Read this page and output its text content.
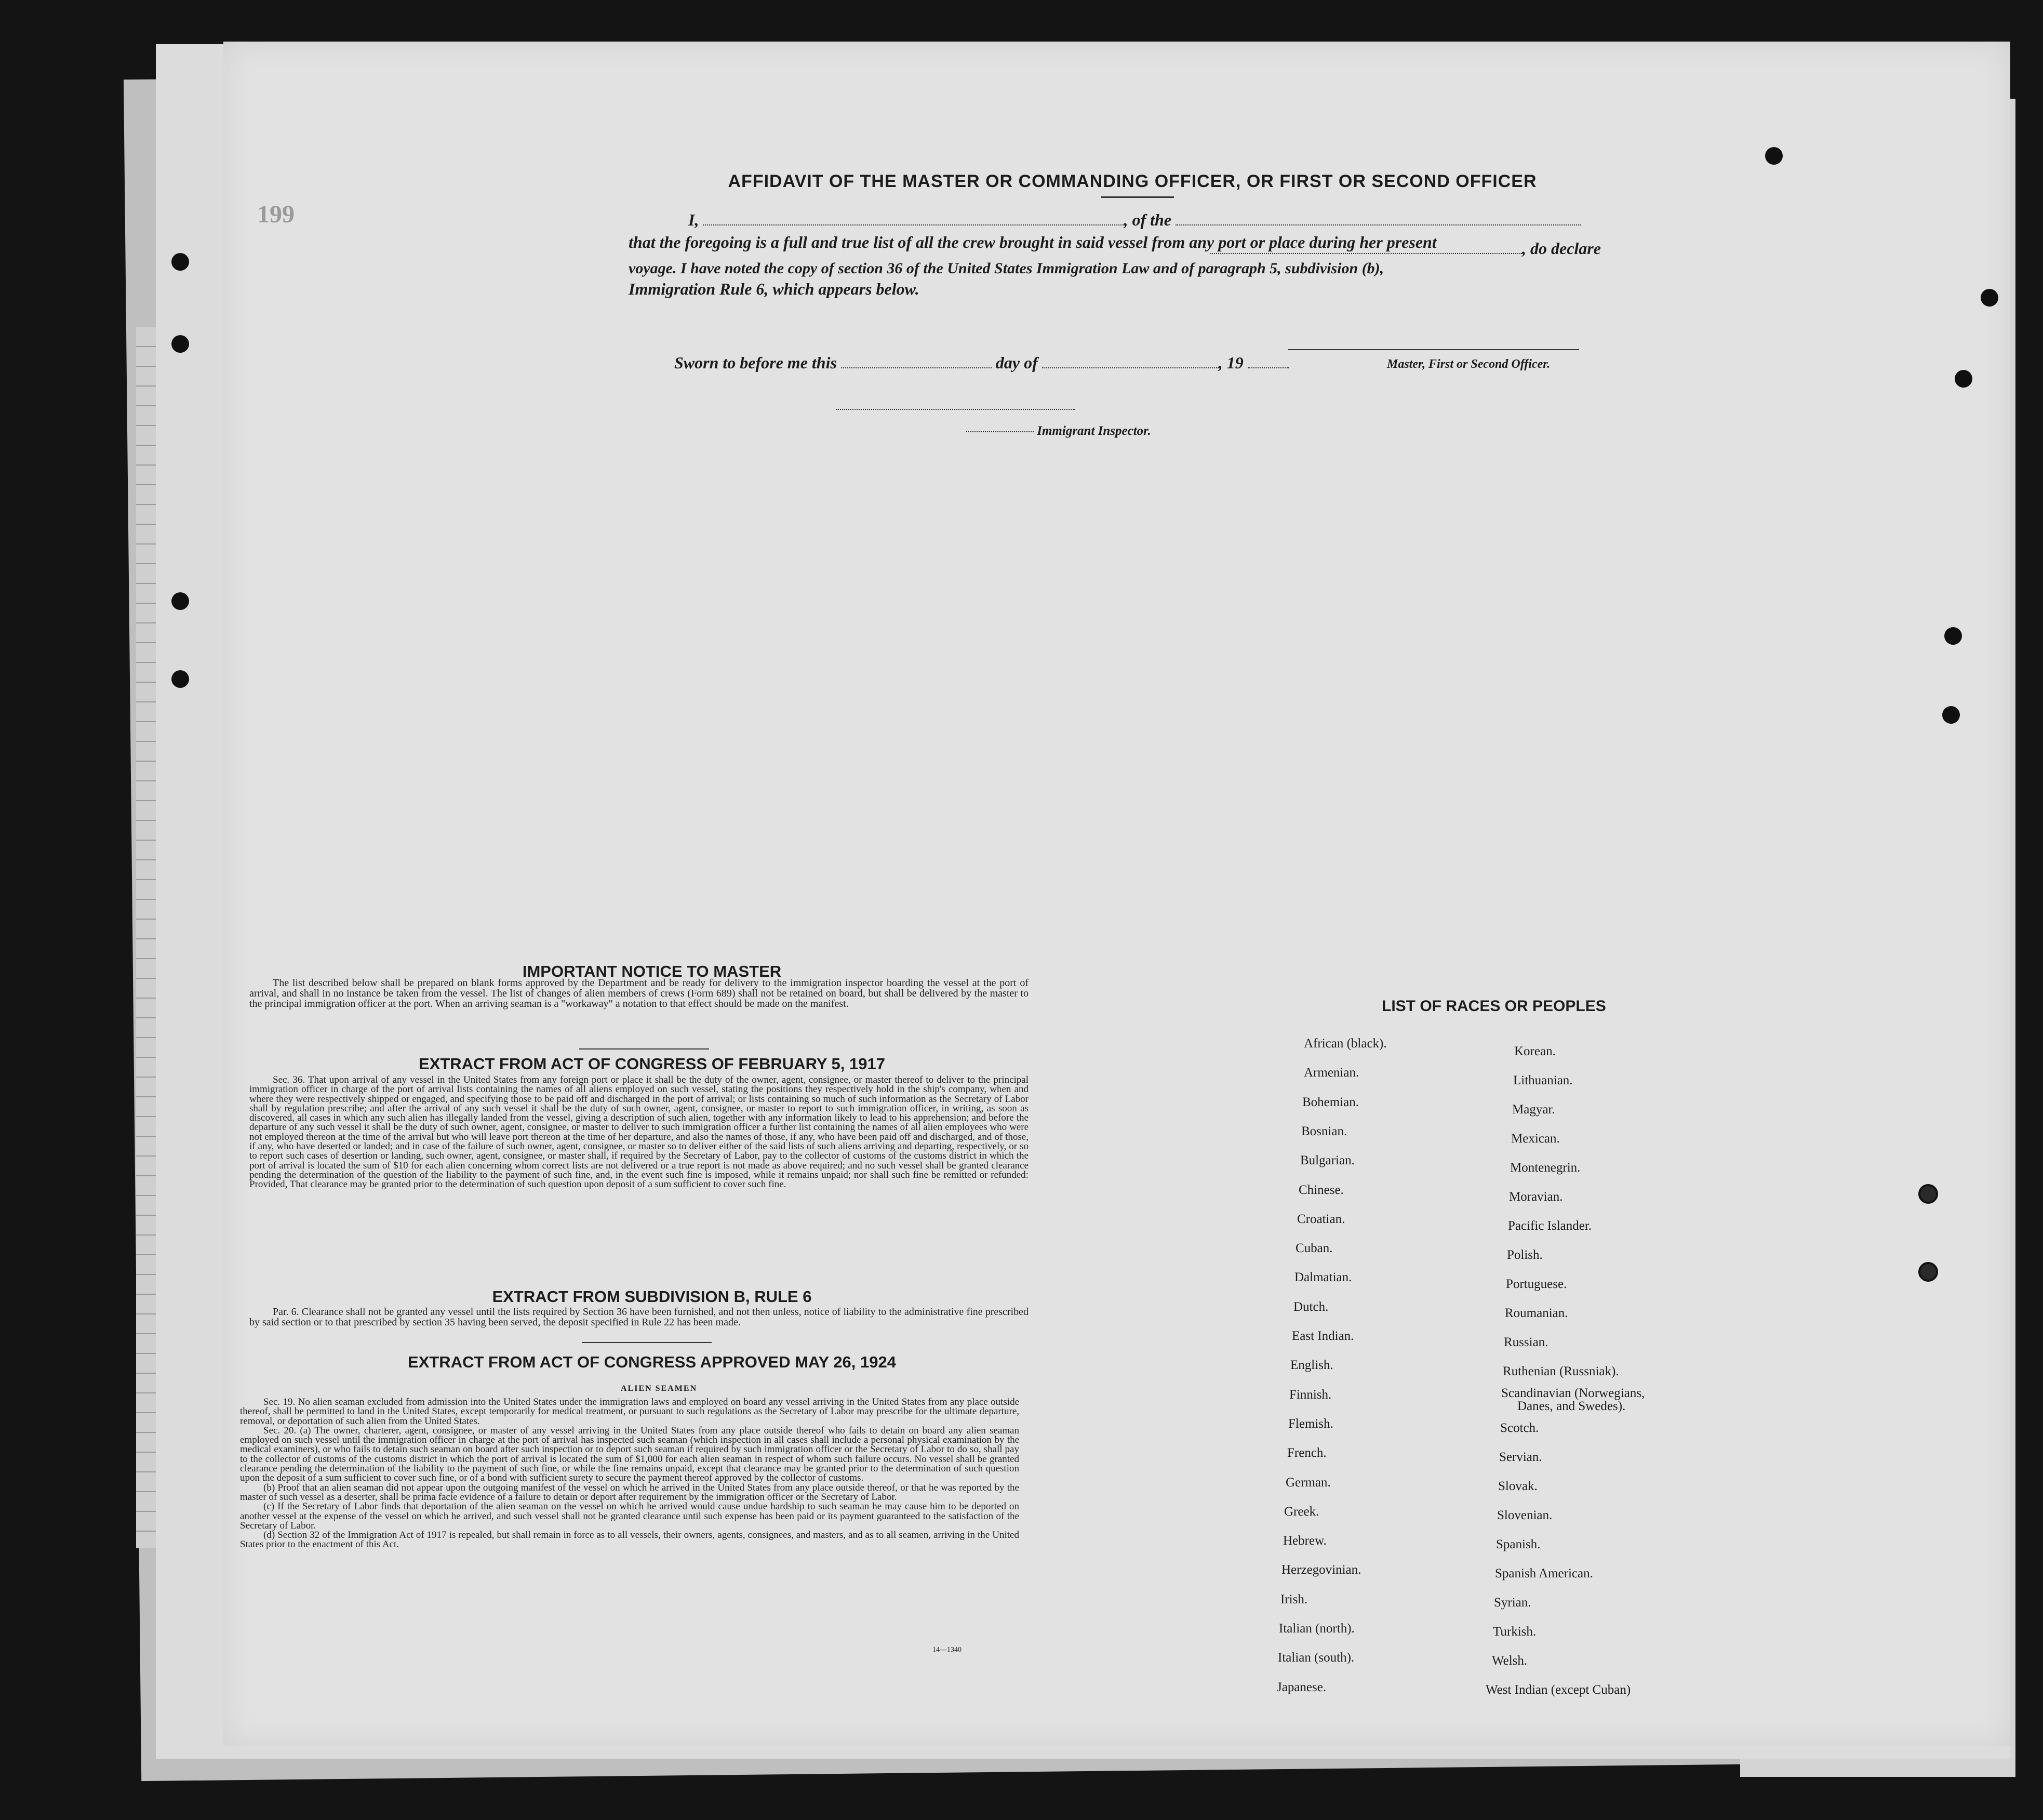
199
AFFIDAVIT OF THE MASTER OR COMMANDING OFFICER, OR FIRST OR SECOND OFFICER
I,	, of the
that the foregoing is a full and true list of all the crew brought in said vessel from any port or place during her present	, do declare
voyage. I have noted the copy of section 36 of the United States Immigration Law and of paragraph 5, subdivision (b),
Immigration Rule 6, which appears below.
Master, First or Second Officer.
Sworn to before me this	day of	, 19
Immigrant Inspector.
IMPORTANT NOTICE TO MASTER

The list described below shall be prepared on blank forms approved by the Department and be ready for delivery to the immigration inspector boarding the vessel at the port of arrival, and shall in no instance be taken from the vessel. The list of changes of alien members of crews (Form 689) shall not be retained on board, but shall be delivered by the master to the principal immigration officer at the port. When an arriving seaman is a "workaway" a notation to that effect should be made on the manifest.

EXTRACT FROM ACT OF CONGRESS OF FEBRUARY 5, 1917

Sec. 36. That upon arrival of any vessel in the United States from any foreign port or place it shall be the duty of the owner, agent, consignee, or master thereof to deliver to the principal immigration officer in charge of the port of arrival lists containing the names of all aliens employed on such vessel, stating the positions they respectively hold in the ship's company, when and where they were respectively shipped or engaged, and specifying those to be paid off and discharged in the port of arrival; or lists containing so much of such information as the Secretary of Labor shall by regulation prescribe; and after the arrival of any such vessel it shall be the duty of such owner, agent, consignee, or master to report to such immigration officer, in writing, as soon as discovered, all cases in which any such alien has illegally landed from the vessel, giving a description of such alien, together with any information likely to lead to his apprehension; and before the departure of any such vessel it shall be the duty of such owner, agent, consignee, or master to deliver to such immigration officer a further list containing the names of all alien employees who were not employed thereon at the time of the arrival but who will leave port thereon at the time of her departure, and also the names of those, if any, who have been paid off and discharged, and of those, if any, who have deserted or landed; and in case of the failure of such owner, agent, consignee, or master so to deliver either of the said lists of such aliens arriving and departing, respectively, or so to report such cases of desertion or landing, such owner, agent, consignee, or master shall, if required by the Secretary of Labor, pay to the collector of customs of the customs district in which the port of arrival is located the sum of $10 for each alien concerning whom correct lists are not delivered or a true report is not made as above required; and no such vessel shall be granted clearance pending the determination of the question of the liability to the payment of such fine, and, in the event such fine is imposed, while it remains unpaid; nor shall such fine be remitted or refunded: Provided, That clearance may be granted prior to the determination of such question upon deposit of a sum sufficient to cover such fine.

EXTRACT FROM SUBDIVISION B, RULE 6

Par. 6. Clearance shall not be granted any vessel until the lists required by Section 36 have been furnished, and not then unless, notice of liability to the administrative fine prescribed by said section or to that prescribed by section 35 having been served, the deposit specified in Rule 22 has been made.

EXTRACT FROM ACT OF CONGRESS APPROVED MAY 26, 1924
ALIEN SEAMEN

Sec. 19. No alien seaman excluded from admission into the United States under the immigration laws and employed on board any vessel arriving in the United States from any place outside thereof, shall be permitted to land in the United States, except temporarily for medical treatment, or pursuant to such regulations as the Secretary of Labor may prescribe for the ultimate departure, removal, or deportation of such alien from the United States.

Sec. 20. (a) The owner, charterer, agent, consignee, or master of any vessel arriving in the United States from any place outside thereof who fails to detain on board any alien seaman employed on such vessel until the immigration officer in charge at the port of arrival has inspected such seaman (which inspection in all cases shall include a personal physical examination by the medical examiners), or who fails to detain such seaman on board after such inspection or to deport such seaman if required by such immigration officer or the Secretary of Labor to do so, shall pay to the collector of customs of the customs district in which the port of arrival is located the sum of $1,000 for each alien seaman in respect of whom such failure occurs. No vessel shall be granted clearance pending the determination of the liability to the payment of such fine, or while the fine remains unpaid, except that clearance may be granted prior to the determination of such question upon the deposit of a sum sufficient to cover such fine, or of a bond with sufficient surety to secure the payment thereof approved by the collector of customs.

(b) Proof that an alien seaman did not appear upon the outgoing manifest of the vessel on which he arrived in the United States from any place outside thereof, or that he was reported by the master of such vessel as a deserter, shall be prima facie evidence of a failure to detain or deport after requirement by the immigration officer or the Secretary of Labor.

(c) If the Secretary of Labor finds that deportation of the alien seaman on the vessel on which he arrived would cause undue hardship to such seaman he may cause him to be deported on another vessel at the expense of the vessel on which he arrived, and such vessel shall not be granted clearance until such expense has been paid or its payment guaranteed to the satisfaction of the Secretary of Labor.

(d) Section 32 of the Immigration Act of 1917 is repealed, but shall remain in force as to all vessels, their owners, agents, consignees, and masters, and as to all seamen, arriving in the United States prior to the enactment of this Act.

14—1340
LIST OF RACES OR PEOPLES
African (black).
Armenian.
Bohemian.
Bosnian.
Bulgarian.
Chinese.
Croatian.
Cuban.
Dalmatian.
Dutch.
East Indian.
English.
Finnish.
Flemish.
French.
German.
Greek.
Hebrew.
Herzegovinian.
Irish.
Italian (north).
Italian (south).
Japanese.
Korean.
Lithuanian.
Magyar.
Mexican.
Montenegrin.
Moravian.
Pacific Islander.
Polish.
Portuguese.
Roumanian.
Russian.
Ruthenian (Russniak).
Scandinavian (Norwegians,
Danes, and Swedes).
Scotch.
Servian.
Slovak.
Slovenian.
Spanish.
Spanish American.
Syrian.
Turkish.
Welsh.
West Indian (except Cuban)
